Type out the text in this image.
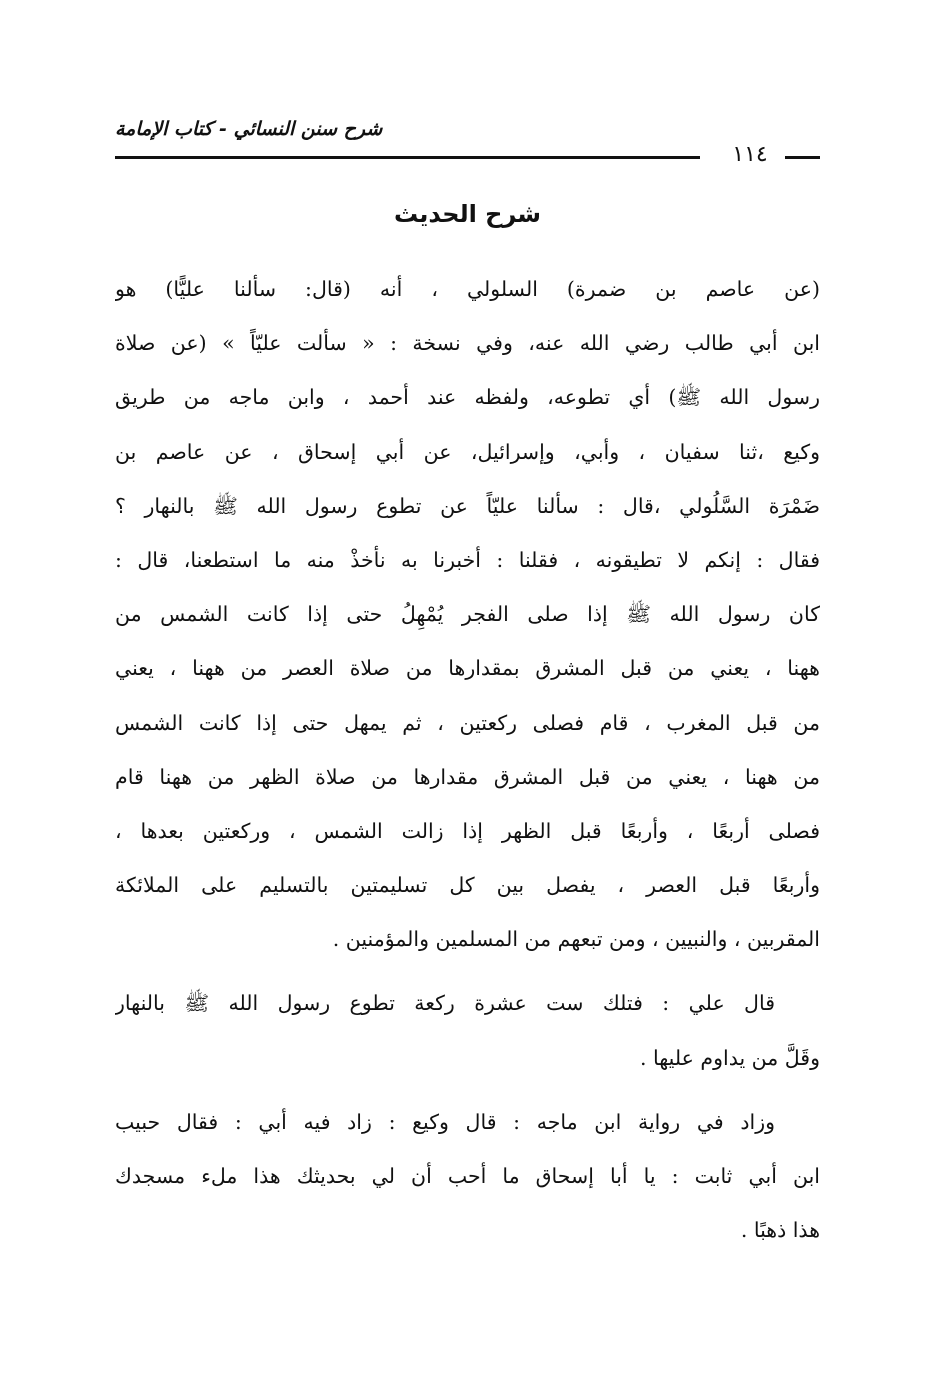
شرح سنن النسائي - كتاب الإمامة
١١٤
شرح الحديث
(عن عاصم بن ضمرة) السلولي ، أنه (قال: سألنا عليًّا) هو
ابن أبي طالب رضي الله عنه، وفي نسخة : « سألت عليّاً » (عن صلاة
رسول الله ﷺ) أي تطوعه، ولفظه عند أحمد ، وابن ماجه من طريق
وكيع ،ثنا سفيان ، وأبي، وإسرائيل، عن أبي إسحاق ، عن عاصم بن
ضَمْرَة السَّلُولي ،قال : سألنا عليّاً عن تطوع رسول الله ﷺ بالنهار ؟
فقال : إنكم لا تطيقونه ، فقلنا : أخبرنا به نأخذْ منه ما استطعنا، قال :
كان رسول الله ﷺ إذا صلى الفجر يُمْهِلُ حتى إذا كانت الشمس من
ههنا ، يعني من قبل المشرق بمقدارها من صلاة العصر من ههنا ، يعني
من قبل المغرب ، قام فصلى ركعتين ، ثم يمهل حتى إذا كانت الشمس
من ههنا ، يعني من قبل المشرق مقدارها من صلاة الظهر من ههنا قام
فصلى أربعًا ، وأربعًا قبل الظهر إذا زالت الشمس ، وركعتين بعدها ،
وأربعًا قبل العصر ، يفصل بين كل تسليمتين بالتسليم على الملائكة
المقربين ، والنبيين ، ومن تبعهم من المسلمين والمؤمنين .
قال علي : فتلك ست عشرة ركعة تطوع رسول الله ﷺ بالنهار
وقَلَّ من يداوم عليها .
وزاد في رواية ابن ماجه : قال وكيع : زاد فيه أبي : فقال حبيب
ابن أبي ثابت : يا أبا إسحاق ما أحب أن لي بحديثك هذا ملء مسجدك
هذا ذهبًا .
